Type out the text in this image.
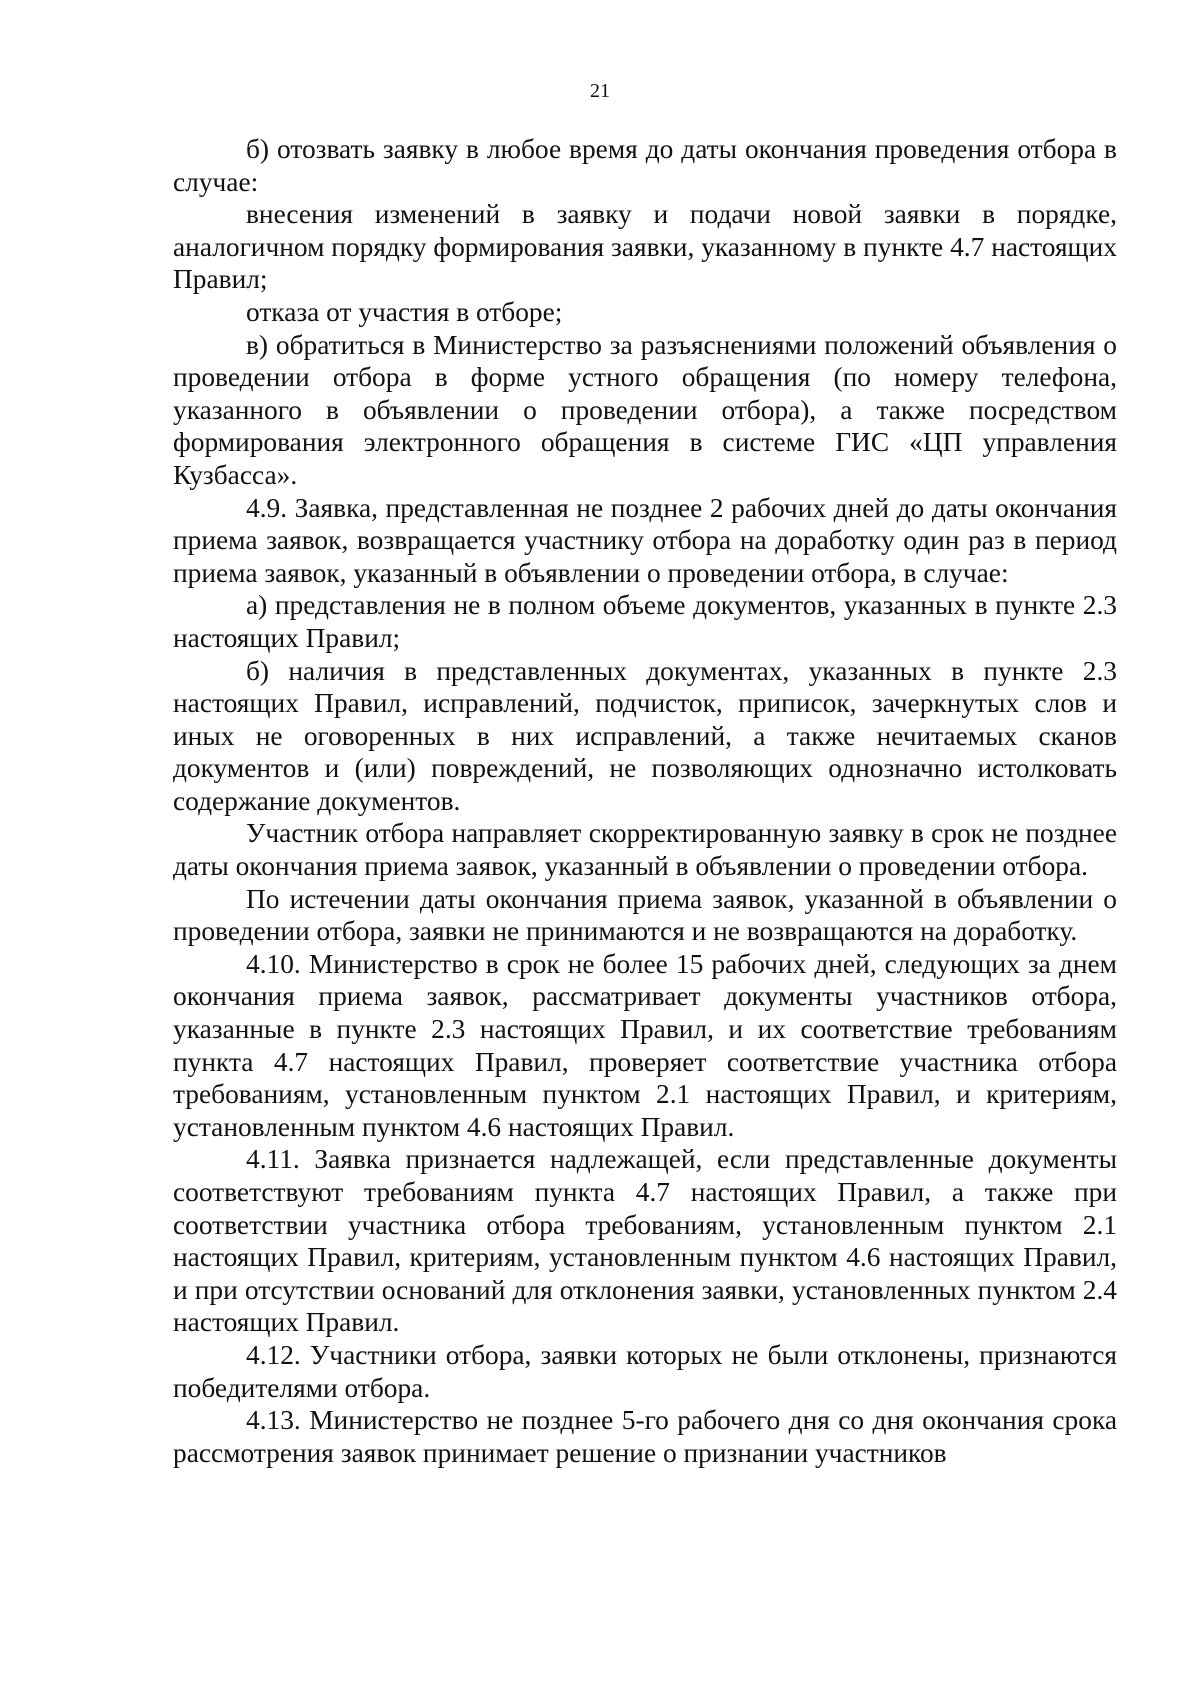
21

б) отозвать заявку в любое время до даты окончания проведения отбора в случае:

внесения изменений в заявку и подачи новой заявки в порядке, аналогичном порядку формирования заявки, указанному в пункте 4.7 настоящих Правил;

отказа от участия в отборе;

в) обратиться в Министерство за разъяснениями положений объявления о проведении отбора в форме устного обращения (по номеру телефона, указанного в объявлении о проведении отбора), а также посредством формирования электронного обращения в системе ГИС «ЦП управления Кузбасса».

4.9. Заявка, представленная не позднее 2 рабочих дней до даты окончания приема заявок, возвращается участнику отбора на доработку один раз в период приема заявок, указанный в объявлении о проведении отбора, в случае:

а) представления не в полном объеме документов, указанных в пункте 2.3 настоящих Правил;

б) наличия в представленных документах, указанных в пункте 2.3 настоящих Правил, исправлений, подчисток, приписок, зачеркнутых слов и иных не оговоренных в них исправлений, а также нечитаемых сканов документов и (или) повреждений, не позволяющих однозначно истолковать содержание документов.

Участник отбора направляет скорректированную заявку в срок не позднее даты окончания приема заявок, указанный в объявлении о проведении отбора.

По истечении даты окончания приема заявок, указанной в объявлении о проведении отбора, заявки не принимаются и не возвращаются на доработку.

4.10. Министерство в срок не более 15 рабочих дней, следующих за днем окончания приема заявок, рассматривает документы участников отбора, указанные в пункте 2.3 настоящих Правил, и их соответствие требованиям пункта 4.7 настоящих Правил, проверяет соответствие участника отбора требованиям, установленным пунктом 2.1 настоящих Правил, и критериям, установленным пунктом 4.6 настоящих Правил.

4.11. Заявка признается надлежащей, если представленные документы соответствуют требованиям пункта 4.7 настоящих Правил, а также при соответствии участника отбора требованиям, установленным пунктом 2.1 настоящих Правил, критериям, установленным пунктом 4.6 настоящих Правил, и при отсутствии оснований для отклонения заявки, установленных пунктом 2.4 настоящих Правил.

4.12. Участники отбора, заявки которых не были отклонены, признаются победителями отбора.

4.13. Министерство не позднее 5-го рабочего дня со дня окончания срока рассмотрения заявок принимает решение о признании участников
